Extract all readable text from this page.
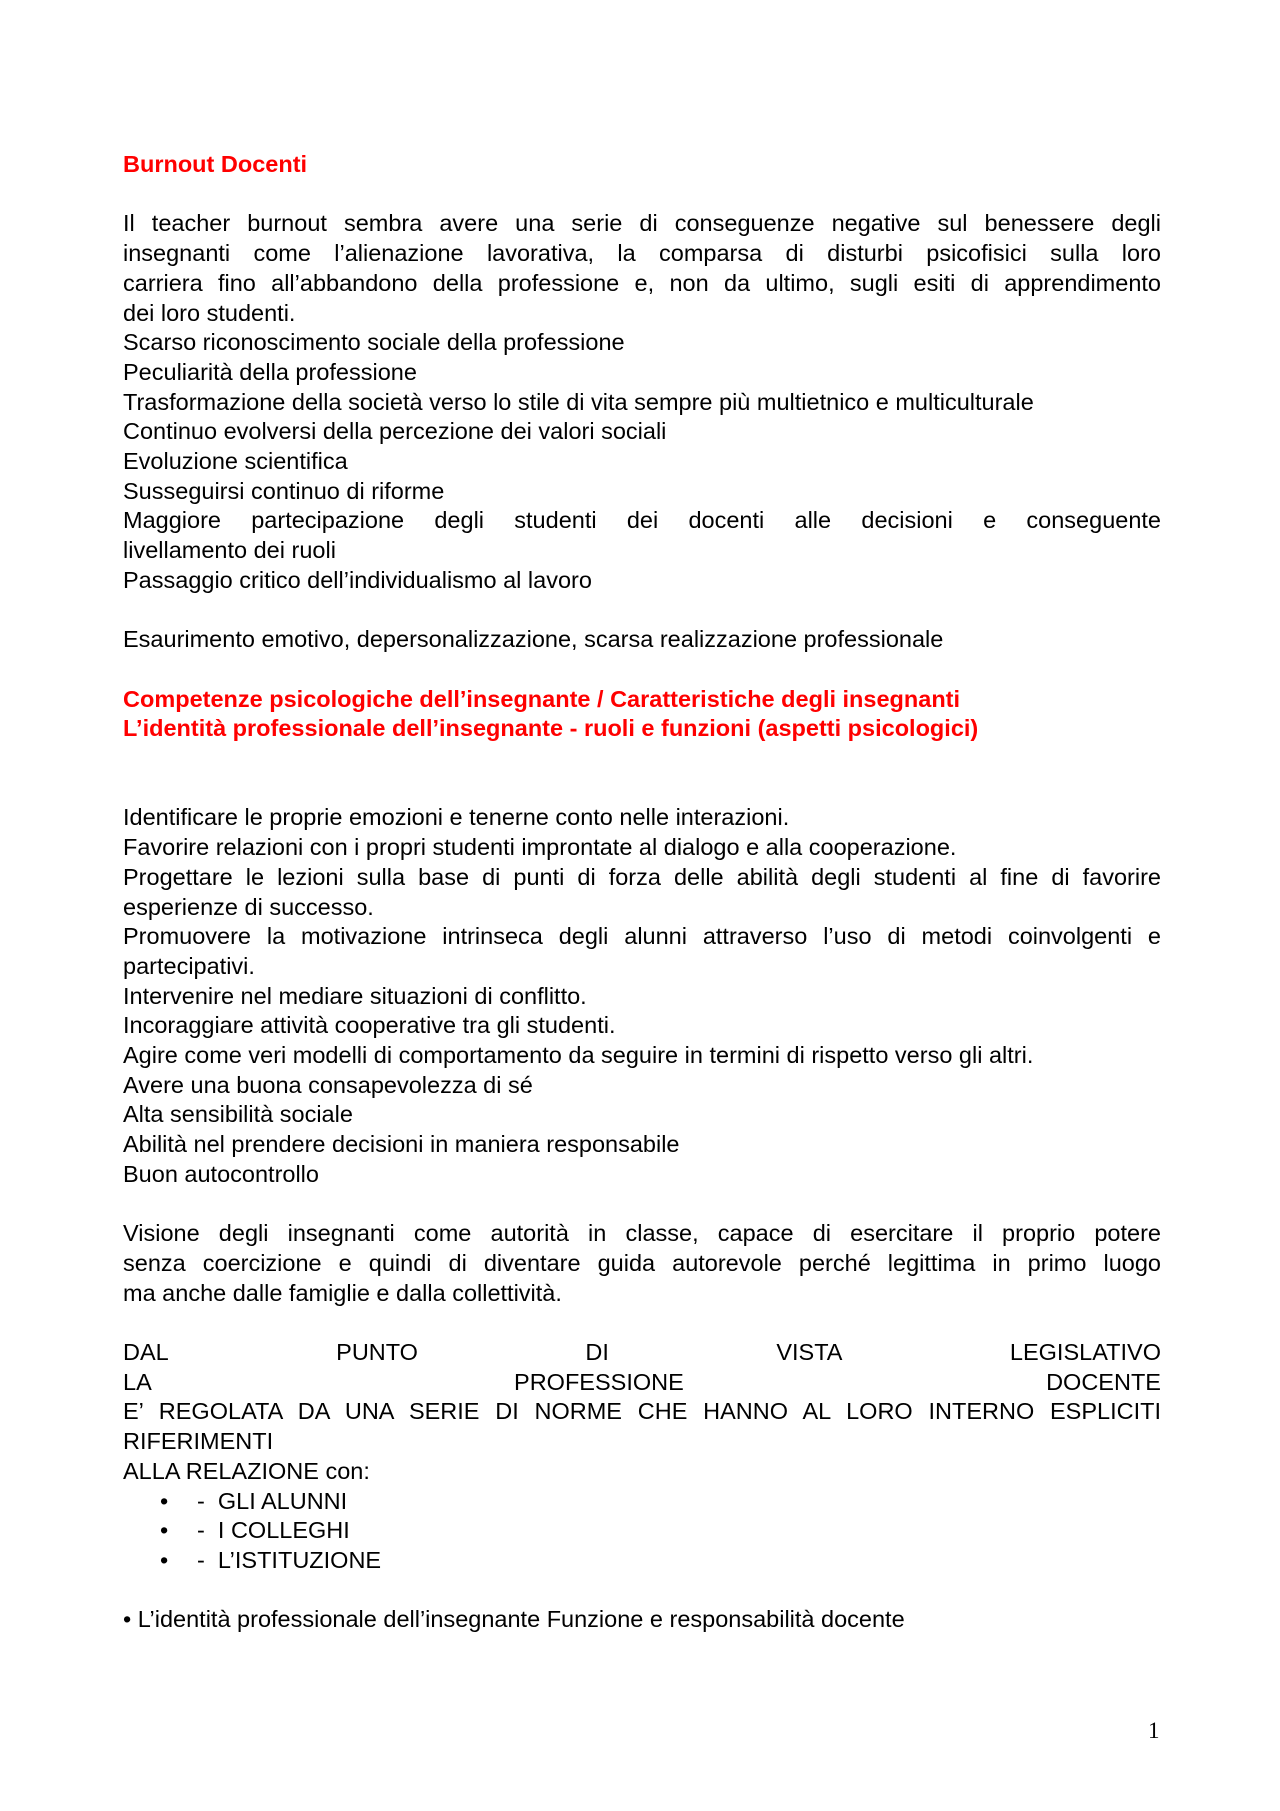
Burnout Docenti
Il teacher burnout sembra avere una serie di conseguenze negative sul benessere degli
insegnanti come l’alienazione lavorativa, la comparsa di disturbi psicofisici sulla loro
carriera fino all’abbandono della professione e, non da ultimo, sugli esiti di apprendimento
dei loro studenti.
Scarso riconoscimento sociale della professione
Peculiarità della professione
Trasformazione della società verso lo stile di vita sempre più multietnico e multiculturale
Continuo evolversi della percezione dei valori sociali
Evoluzione scientifica
Susseguirsi continuo di riforme
Maggiore partecipazione degli studenti dei docenti alle decisioni e conseguente
livellamento dei ruoli
Passaggio critico dell’individualismo al lavoro
Esaurimento emotivo, depersonalizzazione, scarsa realizzazione professionale
Competenze psicologiche dell’insegnante / Caratteristiche degli insegnanti
L’identità professionale dell’insegnante - ruoli e funzioni (aspetti psicologici)
Identificare le proprie emozioni e tenerne conto nelle interazioni.
Favorire relazioni con i propri studenti improntate al dialogo e alla cooperazione.
Progettare le lezioni sulla base di punti di forza delle abilità degli studenti al fine di favorire
esperienze di successo.
Promuovere la motivazione intrinseca degli alunni attraverso l’uso di metodi coinvolgenti e
partecipativi.
Intervenire nel mediare situazioni di conflitto.
Incoraggiare attività cooperative tra gli studenti.
Agire come veri modelli di comportamento da seguire in termini di rispetto verso gli altri.
Avere una buona consapevolezza di sé
Alta sensibilità sociale
Abilità nel prendere decisioni in maniera responsabile
Buon autocontrollo
Visione degli insegnanti come autorità in classe, capace di esercitare il proprio potere
senza coercizione e quindi di diventare guida autorevole perché legittima in primo luogo
ma anche dalle famiglie e dalla collettività.
DAL	PUNTO	DI	VISTA	LEGISLATIVO
LA	PROFESSIONE	DOCENTE
E’ REGOLATA DA UNA SERIE DI NORME CHE HANNO AL LORO INTERNO ESPLICITI
RIFERIMENTI
ALLA RELAZIONE con:
• -  GLI ALUNNI
• -  I COLLEGHI
• -  L’ISTITUZIONE
• L’identità professionale dell’insegnante Funzione e responsabilità docente
1
